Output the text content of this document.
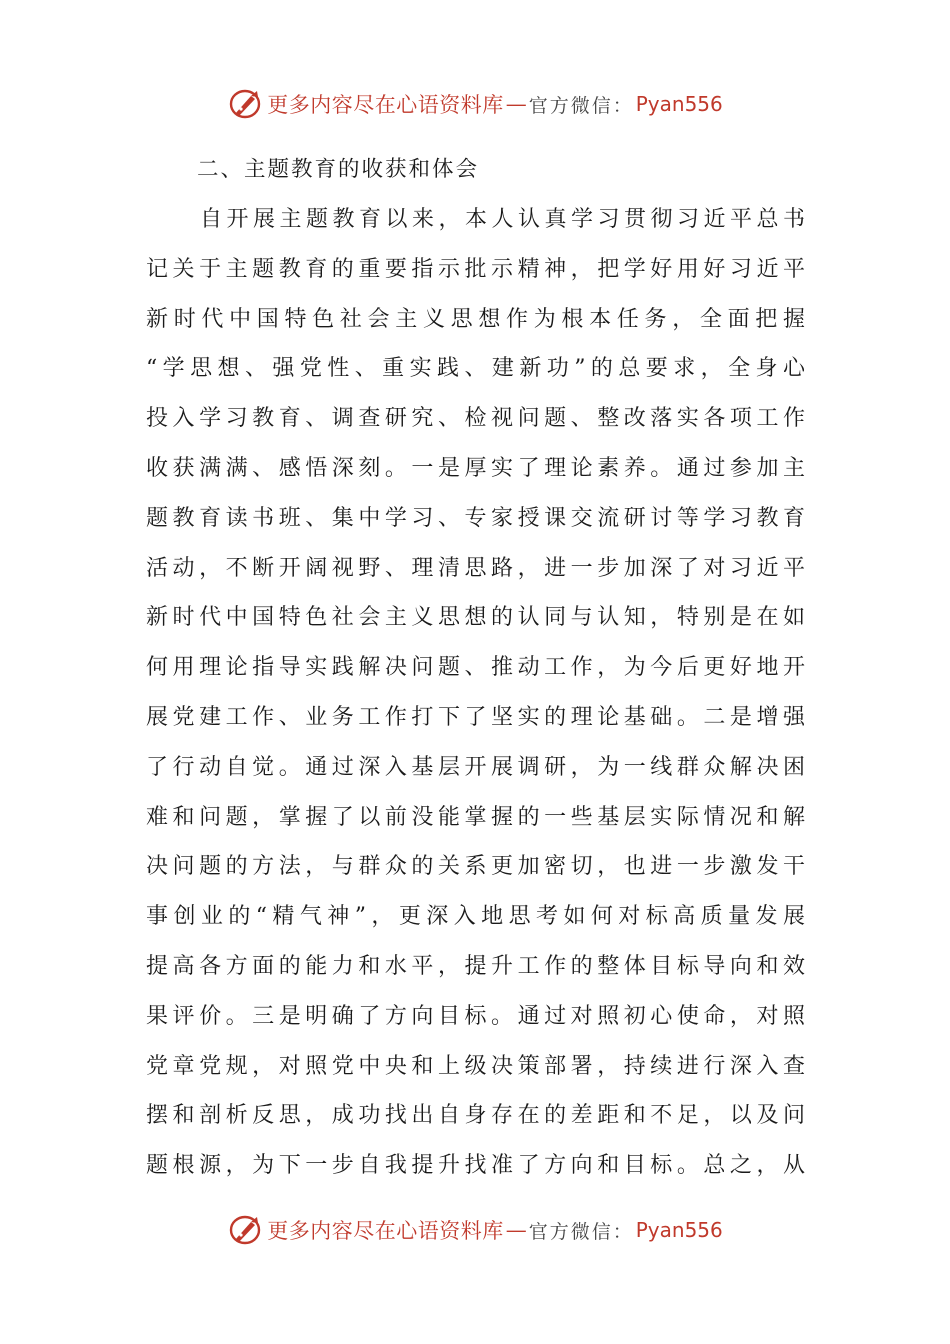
更多内容尽在心语资料库 — 官方微信： Pyan556
二、主题教育的收获和体会
自开展主题教育以来，本人认真学习贯彻习近平总书
记关于主题教育的重要指示批示精神，把学好用好习近平
新时代中国特色社会主义思想作为根本任务，全面把握
“学思想、强党性、重实践、建新功”的总要求，全身心
投入学习教育、调查研究、检视问题、整改落实各项工作
收获满满、感悟深刻。一是厚实了理论素养。通过参加主
题教育读书班、集中学习、专家授课交流研讨等学习教育
活动，不断开阔视野、理清思路，进一步加深了对习近平
新时代中国特色社会主义思想的认同与认知，特别是在如
何用理论指导实践解决问题、推动工作，为今后更好地开
展党建工作、业务工作打下了坚实的理论基础。二是增强
了行动自觉。通过深入基层开展调研，为一线群众解决困
难和问题，掌握了以前没能掌握的一些基层实际情况和解
决问题的方法，与群众的关系更加密切，也进一步激发干
事创业的“精气神”，更深入地思考如何对标高质量发展
提高各方面的能力和水平，提升工作的整体目标导向和效
果评价。三是明确了方向目标。通过对照初心使命，对照
党章党规，对照党中央和上级决策部署，持续进行深入查
摆和剖析反思，成功找出自身存在的差距和不足，以及问
题根源，为下一步自我提升找准了方向和目标。总之，从
更多内容尽在心语资料库 — 官方微信： Pyan556
